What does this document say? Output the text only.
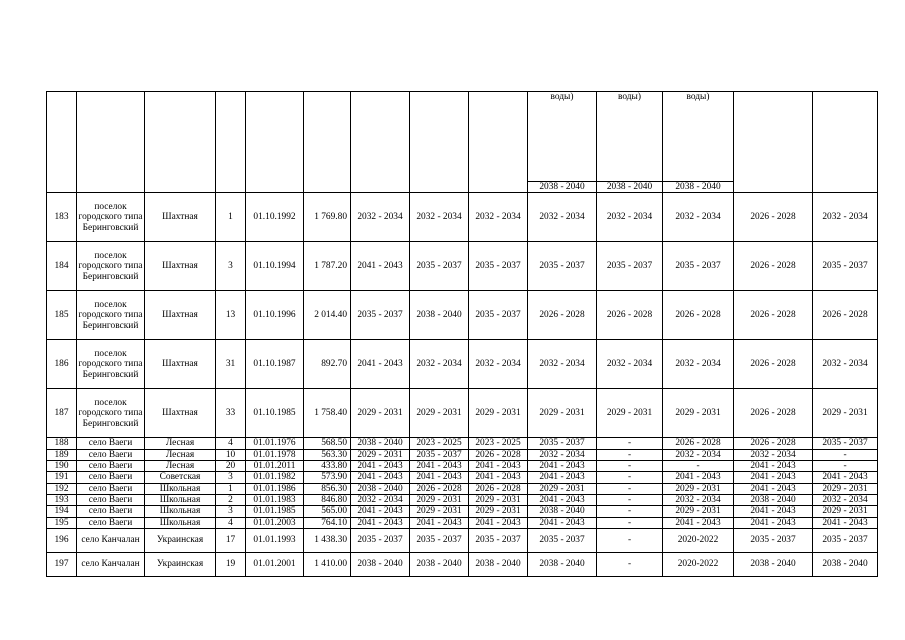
									воды)	воды)	воды)		
									2038 - 2040	2038 - 2040	2038 - 2040		
183	поселок городского типа Беринговский	Шахтная	1	01.10.1992	1 769.80	2032 - 2034	2032 - 2034	2032 - 2034	2032 - 2034	2032 - 2034	2032 - 2034	2026 - 2028	2032 - 2034
184	поселок городского типа Беринговский	Шахтная	3	01.10.1994	1 787.20	2041 - 2043	2035 - 2037	2035 - 2037	2035 - 2037	2035 - 2037	2035 - 2037	2026 - 2028	2035 - 2037
185	поселок городского типа Беринговский	Шахтная	13	01.10.1996	2 014.40	2035 - 2037	2038 - 2040	2035 - 2037	2026 - 2028	2026 - 2028	2026 - 2028	2026 - 2028	2026 - 2028
186	поселок городского типа Беринговский	Шахтная	31	01.10.1987	892.70	2041 - 2043	2032 - 2034	2032 - 2034	2032 - 2034	2032 - 2034	2032 - 2034	2026 - 2028	2032 - 2034
187	поселок городского типа Беринговский	Шахтная	33	01.10.1985	1 758.40	2029 - 2031	2029 - 2031	2029 - 2031	2029 - 2031	2029 - 2031	2029 - 2031	2026 - 2028	2029 - 2031
188	село Ваеги	Лесная	4	01.01.1976	568.50	2038 - 2040	2023 - 2025	2023 - 2025	2035 - 2037	-	2026 - 2028	2026 - 2028	2035 - 2037
189	село Ваеги	Лесная	10	01.01.1978	563.30	2029 - 2031	2035 - 2037	2026 - 2028	2032 - 2034	-	2032 - 2034	2032 - 2034	-
190	село Ваеги	Лесная	20	01.01.2011	433.80	2041 - 2043	2041 - 2043	2041 - 2043	2041 - 2043	-	-	2041 - 2043	-
191	село Ваеги	Советская	3	01.01.1982	573.90	2041 - 2043	2041 - 2043	2041 - 2043	2041 - 2043	-	2041 - 2043	2041 - 2043	2041 - 2043
192	село Ваеги	Школьная	1	01.01.1986	856.30	2038 - 2040	2026 - 2028	2026 - 2028	2029 - 2031	-	2029 - 2031	2041 - 2043	2029 - 2031
193	село Ваеги	Школьная	2	01.01.1983	846.80	2032 - 2034	2029 - 2031	2029 - 2031	2041 - 2043	-	2032 - 2034	2038 - 2040	2032 - 2034
194	село Ваеги	Школьная	3	01.01.1985	565.00	2041 - 2043	2029 - 2031	2029 - 2031	2038 - 2040	-	2029 - 2031	2041 - 2043	2029 - 2031
195	село Ваеги	Школьная	4	01.01.2003	764.10	2041 - 2043	2041 - 2043	2041 - 2043	2041 - 2043	-	2041 - 2043	2041 - 2043	2041 - 2043
196	село Канчалан	Украинская	17	01.01.1993	1 438.30	2035 - 2037	2035 - 2037	2035 - 2037	2035 - 2037	-	2020-2022	2035 - 2037	2035 - 2037
197	село Канчалан	Украинская	19	01.01.2001	1 410.00	2038 - 2040	2038 - 2040	2038 - 2040	2038 - 2040	-	2020-2022	2038 - 2040	2038 - 2040
